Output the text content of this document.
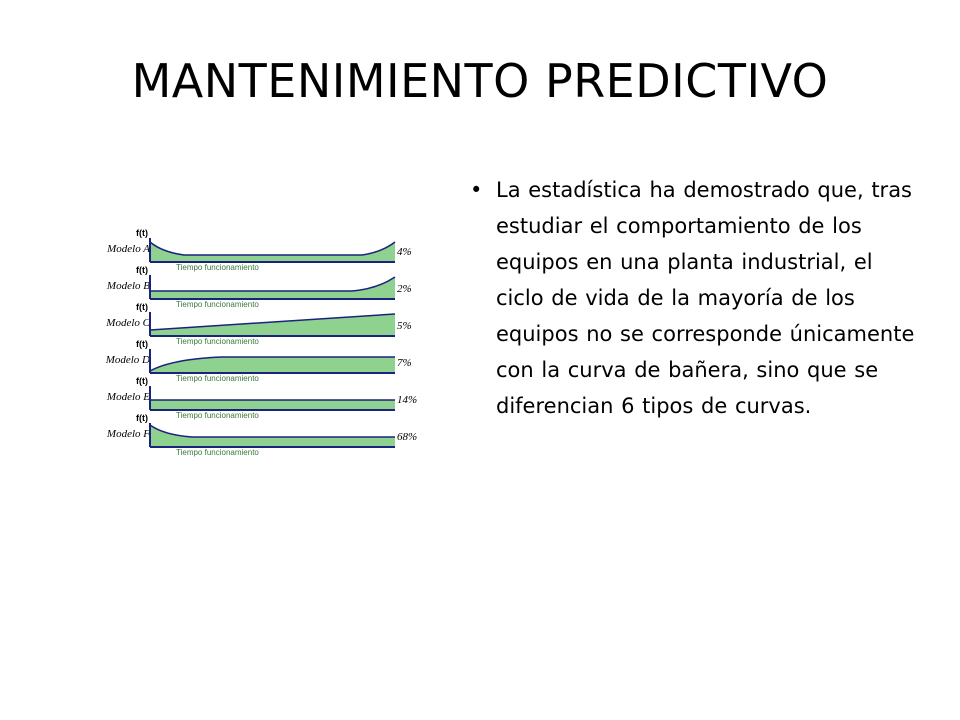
MANTENIMIENTO PREDICTIVO
f(t)
Modelo A
Tiempo funcionamiento
4%
f(t)
Modelo B
Tiempo funcionamiento
2%
f(t)
Modelo C
Tiempo funcionamiento
5%
f(t)
Modelo D
Tiempo funcionamiento
7%
f(t)
Modelo E
Tiempo funcionamiento
14%
f(t)
Modelo F
Tiempo funcionamiento
68%
• La estadística ha demostrado que, tras estudiar el comportamiento de los equipos en una planta industrial, el ciclo de vida de la mayoría de los equipos no se corresponde únicamente con la curva de bañera, sino que se diferencian 6 tipos de curvas.
